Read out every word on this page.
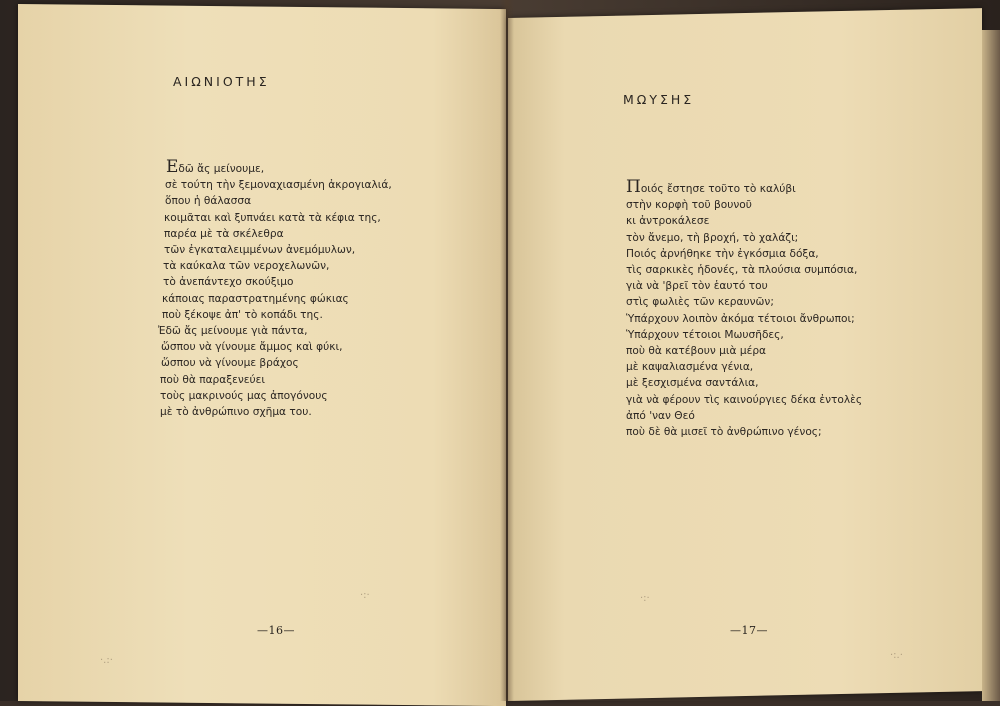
ΑΙΩΝΙΟΤΗΣ
Εδῶ ἄς μείνουμε,
σὲ τούτη τὴν ξεμοναχιασμένη ἀκρογιαλιά,
ὅπου ἡ θάλασσα
κοιμᾶται καὶ ξυπνάει κατὰ τὰ κέφια της,
παρέα μὲ τὰ σκέλεθρα
τῶν ἐγκαταλειμμένων ἀνεμόμυλων,
τὰ καύκαλα τῶν νεροχελωνῶν,
τὸ ἀνεπάντεχο σκούξιμο
κάποιας παραστρατημένης φώκιας
ποὺ ξέκοψε ἀπ' τὸ κοπάδι της.
Ἐδῶ ἄς μείνουμε γιὰ πάντα,
ὥσπου νὰ γίνουμε ἄμμος καὶ φύκι,
ὥσπου νὰ γίνουμε βράχος
ποὺ θὰ παραξενεύει
τοὺς μακρινούς μας ἀπογόνους
μὲ τὸ ἀνθρώπινο σχῆμα του.
—16—
ΜΩΥΣΗΣ
Ποιός ἔστησε τοῦτο τὸ καλύβι
στὴν κορφὴ τοῦ βουνοῦ
κι ἀντροκάλεσε
τὸν ἄνεμο, τὴ βροχή, τὸ χαλάζι;
Ποιός ἀρνήθηκε τὴν ἐγκόσμια δόξα,
τὶς σαρκικὲς ἡδονές, τὰ πλούσια συμπόσια,
γιὰ νὰ 'βρεῖ τὸν ἑαυτό του
στὶς φωλιὲς τῶν κεραυνῶν;
Ὑπάρχουν λοιπὸν ἀκόμα τέτοιοι ἄνθρωποι;
Ὑπάρχουν τέτοιοι Μωυσῆδες,
ποὺ θὰ κατέβουν μιὰ μέρα
μὲ καψαλιασμένα γένια,
μὲ ξεσχισμένα σαντάλια,
γιὰ νὰ φέρουν τὶς καινούργιες δέκα ἐντολὲς
ἀπό 'ναν Θεό
ποὺ δὲ θὰ μισεῖ τὸ ἀνθρώπινο γένος;
—17—
·:·
·.:·
·:·
·:.·
